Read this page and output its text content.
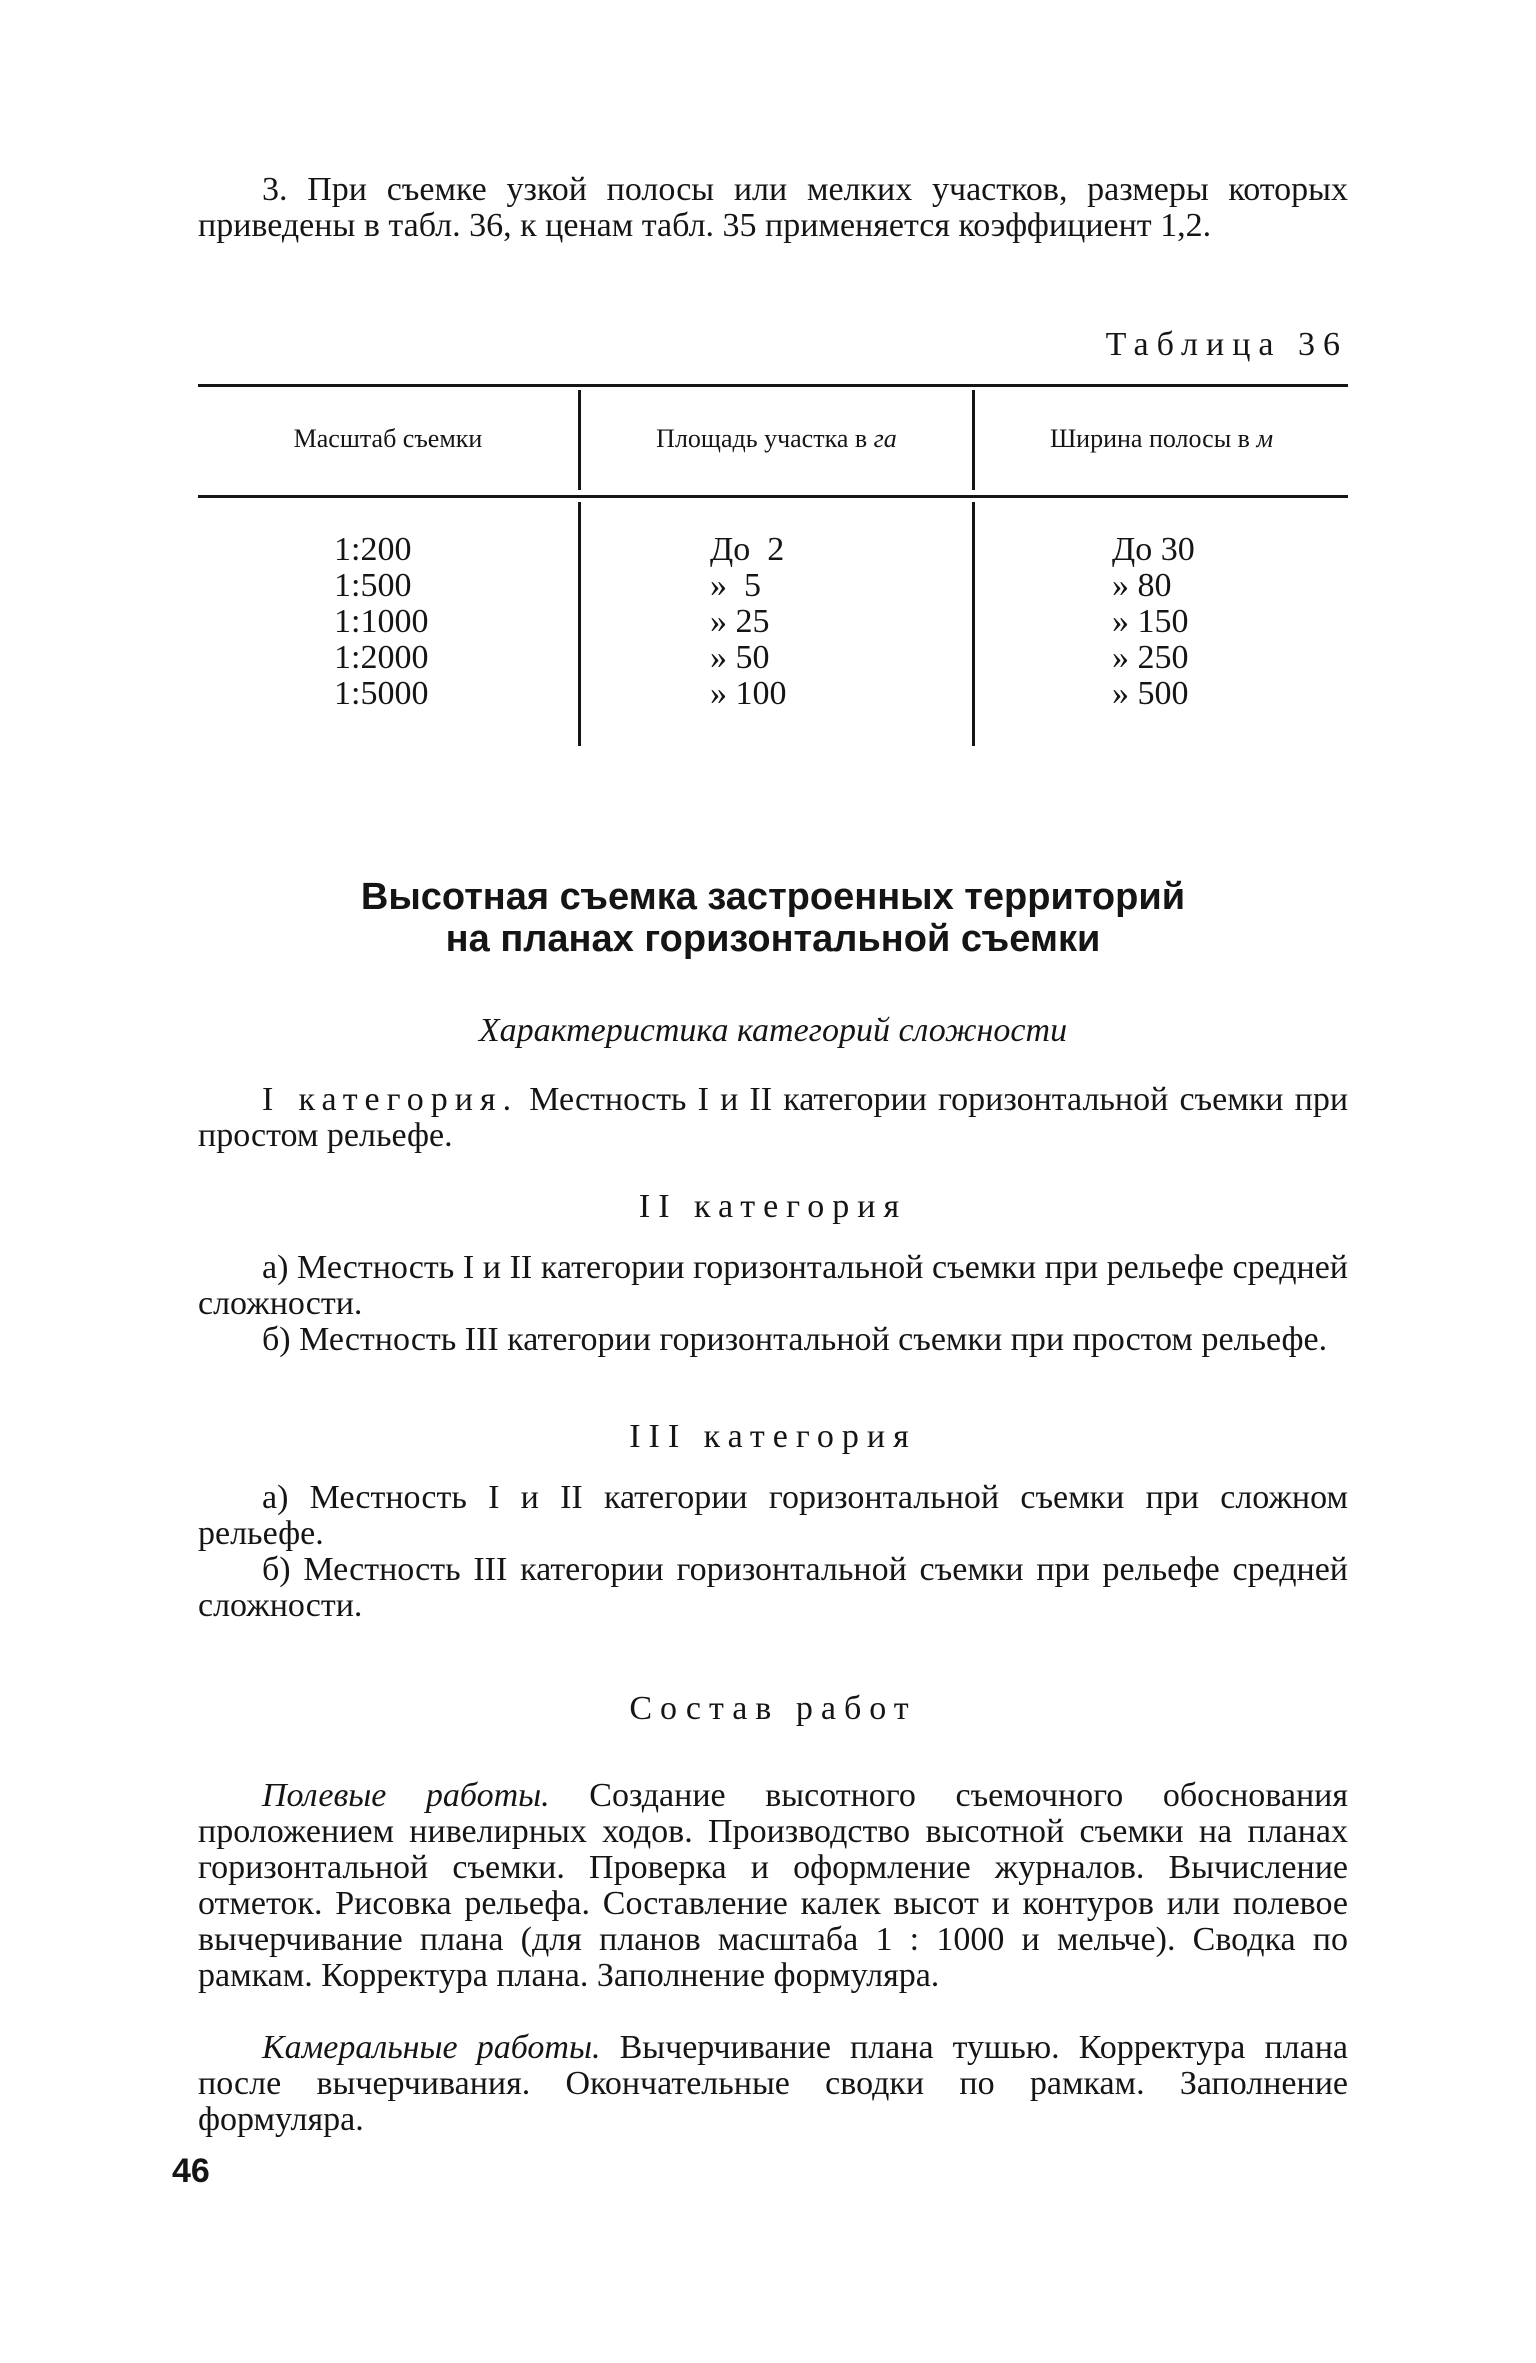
3. При съемке узкой полосы или мелких участков, размеры которых приведены в табл. 36, к ценам табл. 35 применяется коэффициент 1,2.

Таблица 36

Масштаб съемки	Площадь участка в га	Ширина полосы в м
1:200
1:500
1:1000
1:2000
1:5000
До  2
»  5
» 25
» 50
» 100
До 30
» 80
» 150
» 250
» 500

Высотная съемка застроенных территорий

на планах горизонтальной съемки

Характеристика категорий сложности

I категория. Местность I и II категории горизонтальной съемки при простом рельефе.

II категория

а) Местность I и II категории горизонтальной съемки при рельефе средней сложности.

б) Местность III категории горизонтальной съемки при простом рельефе.

III категория

а) Местность I и II категории горизонтальной съемки при сложном рельефе.

б) Местность III категории горизонтальной съемки при рельефе средней сложности.

Состав работ

Полевые работы. Создание высотного съемочного обоснования проложением нивелирных ходов. Производство высотной съемки на планах горизонтальной съемки. Проверка и оформление журналов. Вычисление отметок. Рисовка рельефа. Составление калек высот и контуров или полевое вычерчивание плана (для планов масштаба 1 : 1000 и мельче). Сводка по рамкам. Корректура плана. Заполнение формуляра.

Камеральные работы. Вычерчивание плана тушью. Корректура плана после вычерчивания. Окончательные сводки по рамкам. Заполнение формуляра.

46
